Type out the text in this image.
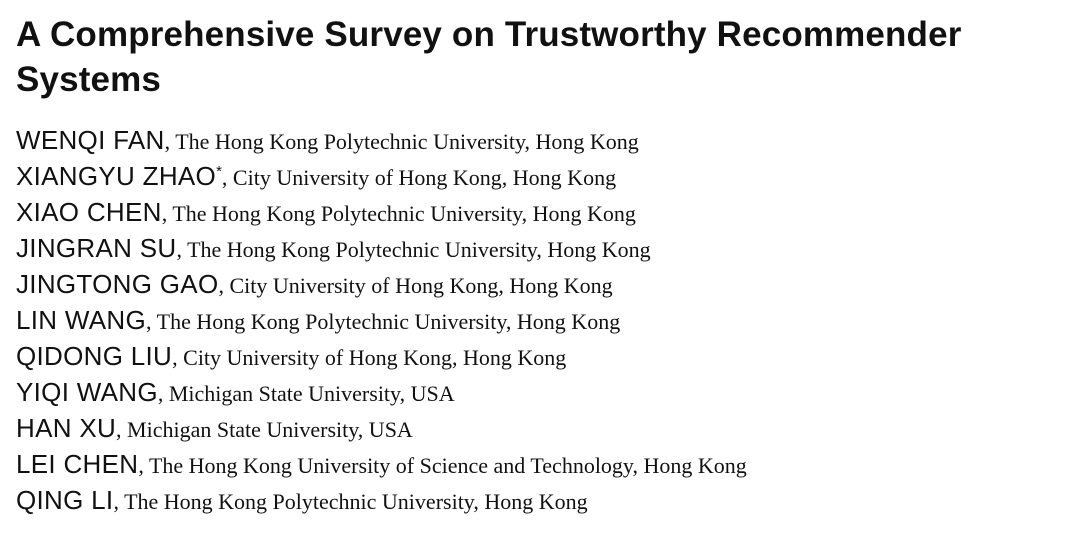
A Comprehensive Survey on Trustworthy Recommender Systems
WENQI FAN, The Hong Kong Polytechnic University, Hong Kong
XIANGYU ZHAO*, City University of Hong Kong, Hong Kong
XIAO CHEN, The Hong Kong Polytechnic University, Hong Kong
JINGRAN SU, The Hong Kong Polytechnic University, Hong Kong
JINGTONG GAO, City University of Hong Kong, Hong Kong
LIN WANG, The Hong Kong Polytechnic University, Hong Kong
QIDONG LIU, City University of Hong Kong, Hong Kong
YIQI WANG, Michigan State University, USA
HAN XU, Michigan State University, USA
LEI CHEN, The Hong Kong University of Science and Technology, Hong Kong
QING LI, The Hong Kong Polytechnic University, Hong Kong
